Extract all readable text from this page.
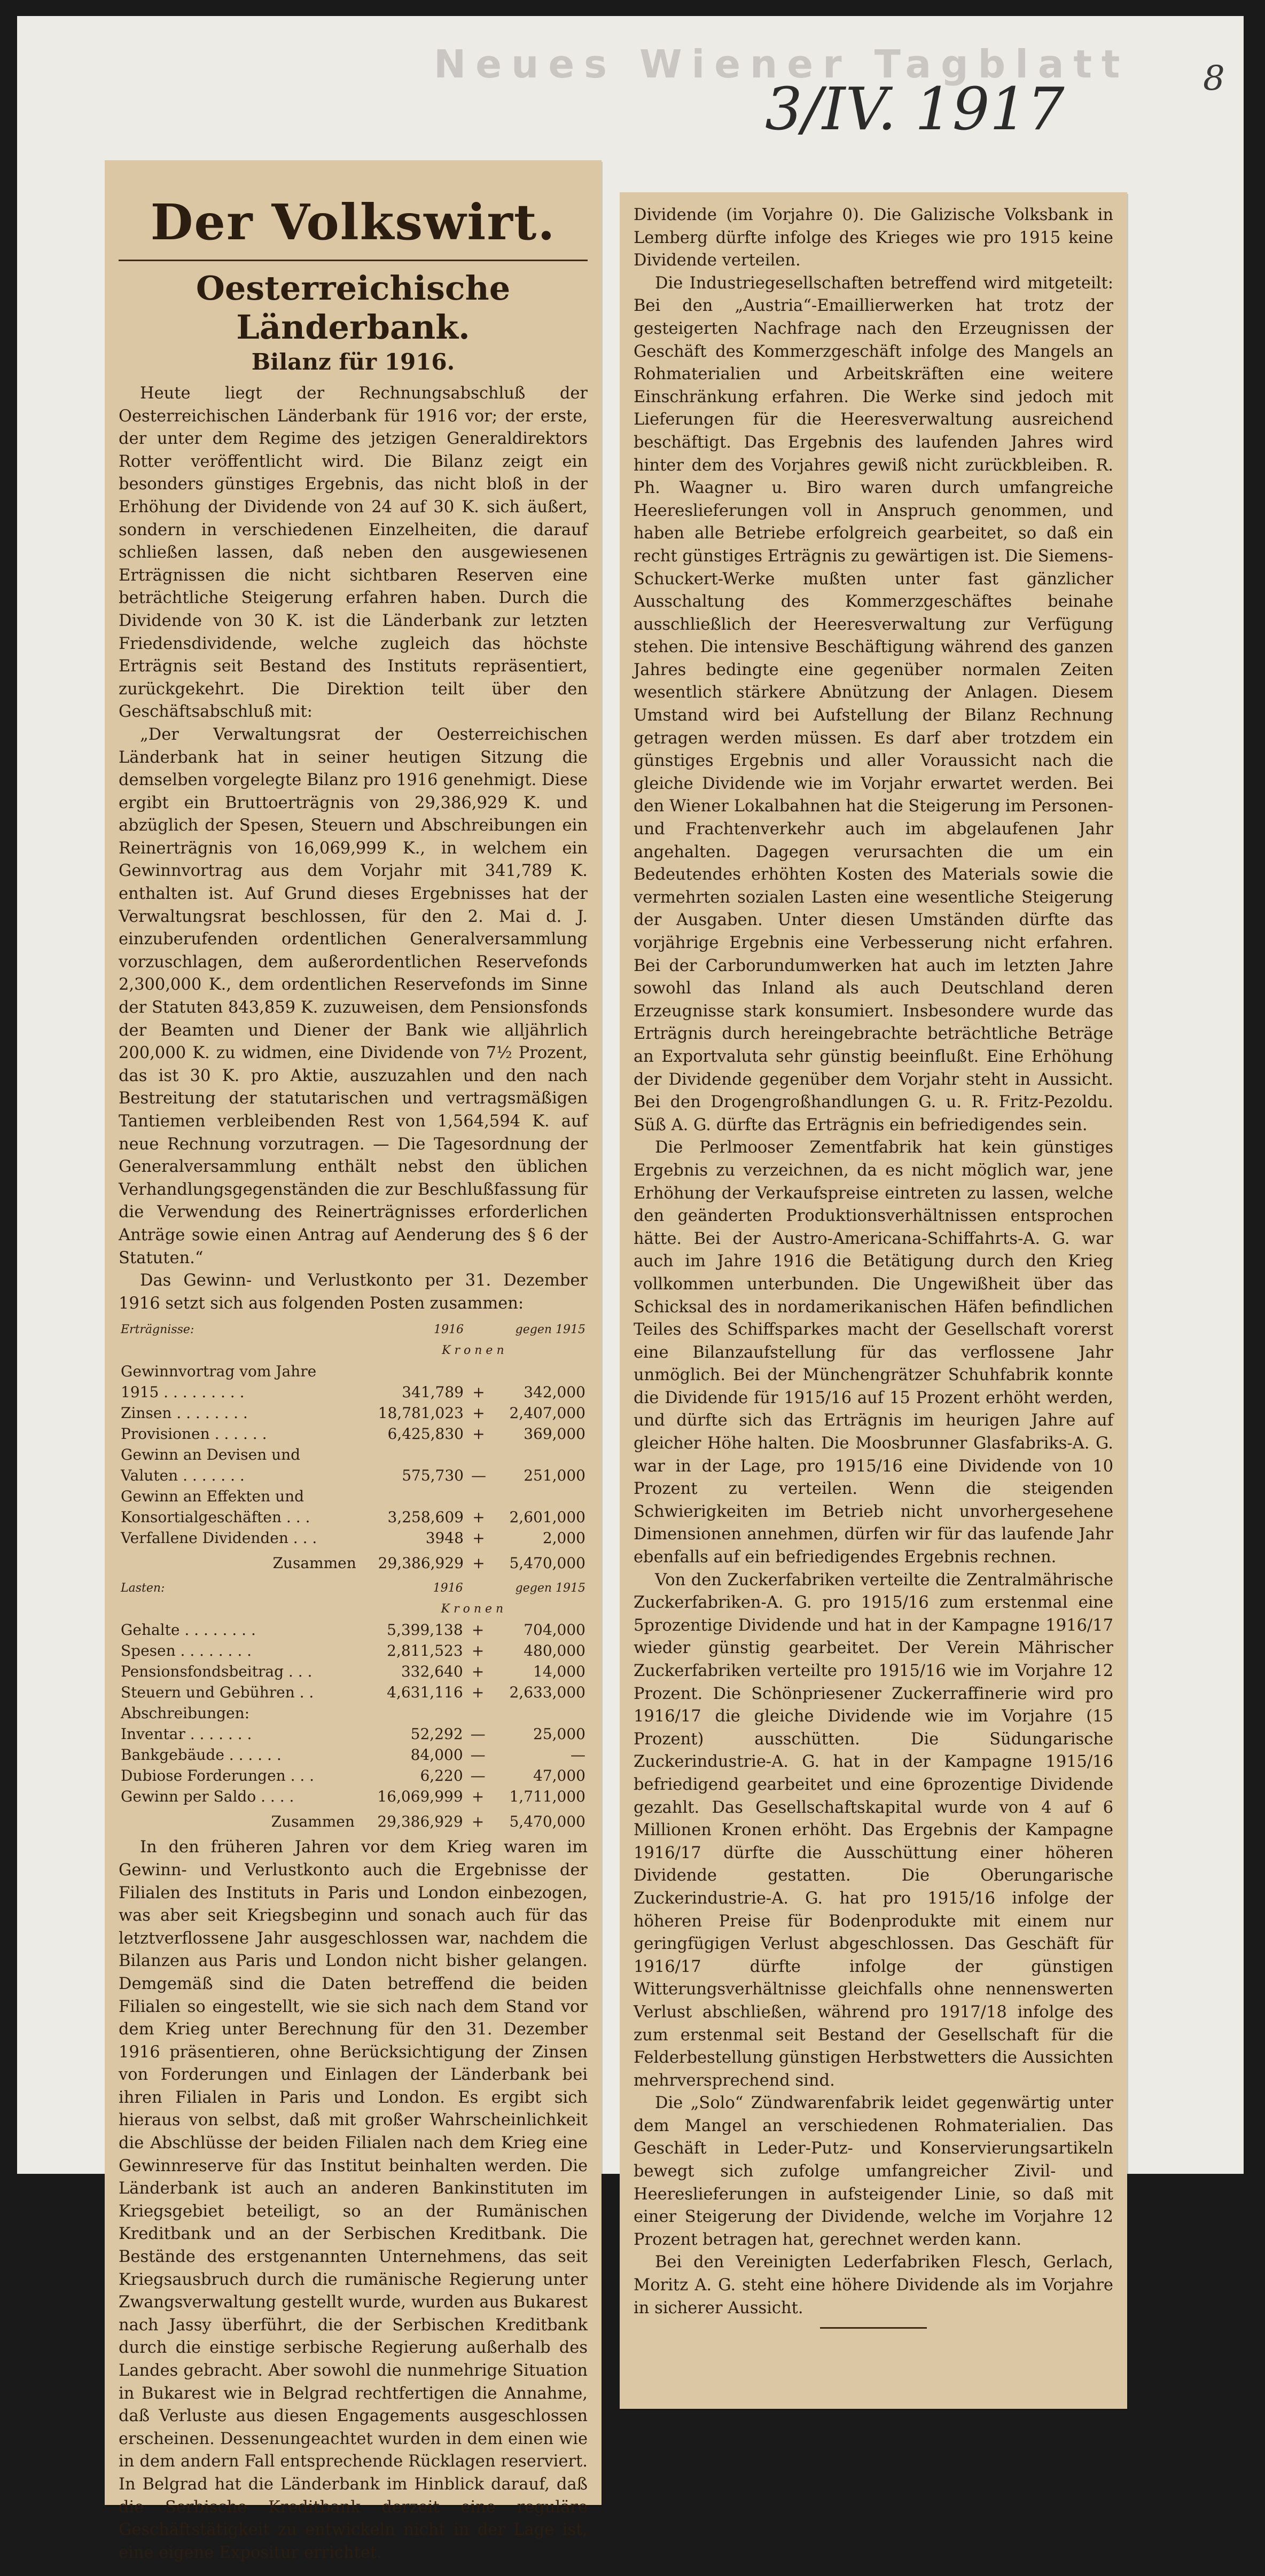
Neues Wiener Tagblatt
3/IV. 1917	8
Der Volkswirt.
Oesterreichische Länderbank.
Bilanz für 1916.

Heute liegt der Rechnungsabschluß der Oesterreichischen Länderbank für 1916 vor; der erste, der unter dem Regime des jetzigen Generaldirektors Rotter veröffentlicht wird. Die Bilanz zeigt ein besonders günstiges Ergebnis, das nicht bloß in der Erhöhung der Dividende von 24 auf 30 K. sich äußert, sondern in verschiedenen Einzelheiten, die darauf schließen lassen, daß neben den ausgewiesenen Erträgnissen die nicht sichtbaren Reserven eine beträchtliche Steigerung erfahren haben. Durch die Dividende von 30 K. ist die Länderbank zur letzten Friedensdividende, welche zugleich das höchste Erträgnis seit Bestand des Instituts repräsentiert, zurückgekehrt. Die Direktion teilt über den Geschäftsabschluß mit:

„Der Verwaltungsrat der Oesterreichischen Länderbank hat in seiner heutigen Sitzung die demselben vorgelegte Bilanz pro 1916 genehmigt. Diese ergibt ein Bruttoerträgnis von 29,386,929 K. und abzüglich der Spesen, Steuern und Abschreibungen ein Reinerträgnis von 16,069,999 K., in welchem ein Gewinnvortrag aus dem Vorjahr mit 341,789 K. enthalten ist. Auf Grund dieses Ergebnisses hat der Verwaltungsrat beschlossen, für den 2. Mai d. J. einzuberufenden ordentlichen Generalversammlung vorzuschlagen, dem außerordentlichen Reservefonds 2,300,000 K., dem ordentlichen Reservefonds im Sinne der Statuten 843,859 K. zuzuweisen, dem Pensionsfonds der Beamten und Diener der Bank wie alljährlich 200,000 K. zu widmen, eine Dividende von 7½ Prozent, das ist 30 K. pro Aktie, auszuzahlen und den nach Bestreitung der statutarischen und vertragsmäßigen Tantiemen verbleibenden Rest von 1,564,594 K. auf neue Rechnung vorzutragen. — Die Tagesordnung der Generalversammlung enthält nebst den üblichen Verhandlungsgegenständen die zur Beschlußfassung für die Verwendung des Reinerträgnisses erforderlichen Anträge sowie einen Antrag auf Aenderung des § 6 der Statuten.“

Das Gewinn- und Verlustkonto per 31. Dezember 1916 setzt sich aus folgenden Posten zusammen:

Erträgnisse:	1916		gegen 1915
	K r o n e n		
Gewinnvortrag vom Jahre			
1915 . . . . . . . . .	341,789	+	342,000
Zinsen . . . . . . . .	18,781,023	+	2,407,000
Provisionen . . . . . .	6,425,830	+	369,000
Gewinn an Devisen und			
Valuten . . . . . . .	575,730	—	251,000
Gewinn an Effekten und			
Konsortialgeschäften . . .	3,258,609	+	2,601,000
Verfallene Dividenden . . .	3948	+	2,000
Zusammen	29,386,929	+	5,470,000
Lasten:	1916		gegen 1915
	K r o n e n		
Gehalte . . . . . . . .	5,399,138	+	704,000
Spesen . . . . . . . .	2,811,523	+	480,000
Pensionsfondsbeitrag . . .	332,640	+	14,000
Steuern und Gebühren . .	4,631,116	+	2,633,000
Abschreibungen:			
Inventar . . . . . . .	52,292	—	25,000
Bankgebäude . . . . . .	84,000	—	—
Dubiose Forderungen . . .	6,220	—	47,000
Gewinn per Saldo . . . .	16,069,999	+	1,711,000
Zusammen	29,386,929	+	5,470,000

In den früheren Jahren vor dem Krieg waren im Gewinn- und Verlustkonto auch die Ergebnisse der Filialen des Instituts in Paris und London einbezogen, was aber seit Kriegsbeginn und sonach auch für das letztverflossene Jahr ausgeschlossen war, nachdem die Bilanzen aus Paris und London nicht bisher gelangen. Demgemäß sind die Daten betreffend die beiden Filialen so eingestellt, wie sie sich nach dem Stand vor dem Krieg unter Berechnung für den 31. Dezember 1916 präsentieren, ohne Berücksichtigung der Zinsen von Forderungen und Einlagen der Länderbank bei ihren Filialen in Paris und London. Es ergibt sich hieraus von selbst, daß mit großer Wahrscheinlichkeit die Abschlüsse der beiden Filialen nach dem Krieg eine Gewinnreserve für das Institut beinhalten werden. Die Länderbank ist auch an anderen Bankinstituten im Kriegsgebiet beteiligt, so an der Rumänischen Kreditbank und an der Serbischen Kreditbank. Die Bestände des erstgenannten Unternehmens, das seit Kriegsausbruch durch die rumänische Regierung unter Zwangsverwaltung gestellt wurde, wurden aus Bukarest nach Jassy überführt, die der Serbischen Kreditbank durch die einstige serbische Regierung außerhalb des Landes gebracht. Aber sowohl die nunmehrige Situation in Bukarest wie in Belgrad rechtfertigen die Annahme, daß Verluste aus diesen Engagements ausgeschlossen erscheinen. Dessenungeachtet wurden in dem einen wie in dem andern Fall entsprechende Rücklagen reserviert. In Belgrad hat die Länderbank im Hinblick darauf, daß die Serbische Kreditbank derzeit eine reguläre Geschäftstätigkeit zu entwickeln nicht in der Lage ist, eine eigene Expositur errichtet.

Dividende (im Vorjahre 0). Die Galizische Volksbank in Lemberg dürfte infolge des Krieges wie pro 1915 keine Dividende verteilen.

Die Industriegesellschaften betreffend wird mitgeteilt: Bei den „Austria“-Emaillierwerken hat trotz der gesteigerten Nachfrage nach den Erzeugnissen der Geschäft des Kommerzgeschäft infolge des Mangels an Rohmaterialien und Arbeitskräften eine weitere Einschränkung erfahren. Die Werke sind jedoch mit Lieferungen für die Heeresverwaltung ausreichend beschäftigt. Das Ergebnis des laufenden Jahres wird hinter dem des Vorjahres gewiß nicht zurückbleiben. R. Ph. Waagner u. Biro waren durch umfangreiche Heereslieferungen voll in Anspruch genommen, und haben alle Betriebe erfolgreich gearbeitet, so daß ein recht günstiges Erträgnis zu gewärtigen ist. Die Siemens-Schuckert-Werke mußten unter fast gänzlicher Ausschaltung des Kommerzgeschäftes beinahe ausschließlich der Heeresverwaltung zur Verfügung stehen. Die intensive Beschäftigung während des ganzen Jahres bedingte eine gegenüber normalen Zeiten wesentlich stärkere Abnützung der Anlagen. Diesem Umstand wird bei Aufstellung der Bilanz Rechnung getragen werden müssen. Es darf aber trotzdem ein günstiges Ergebnis und aller Voraussicht nach die gleiche Dividende wie im Vorjahr erwartet werden. Bei den Wiener Lokalbahnen hat die Steigerung im Personen- und Frachtenverkehr auch im abgelaufenen Jahr angehalten. Dagegen verursachten die um ein Bedeutendes erhöhten Kosten des Materials sowie die vermehrten sozialen Lasten eine wesentliche Steigerung der Ausgaben. Unter diesen Umständen dürfte das vorjährige Ergebnis eine Verbesserung nicht erfahren. Bei der Carborundumwerken hat auch im letzten Jahre sowohl das Inland als auch Deutschland deren Erzeugnisse stark konsumiert. Insbesondere wurde das Erträgnis durch hereingebrachte beträchtliche Beträge an Exportvaluta sehr günstig beeinflußt. Eine Erhöhung der Dividende gegenüber dem Vorjahr steht in Aussicht. Bei den Drogengroßhandlungen G. u. R. Fritz-Pezoldu. Süß A. G. dürfte das Erträgnis ein befriedigendes sein.

Die Perlmooser Zementfabrik hat kein günstiges Ergebnis zu verzeichnen, da es nicht möglich war, jene Erhöhung der Verkaufspreise eintreten zu lassen, welche den geänderten Produktionsverhältnissen entsprochen hätte. Bei der Austro-Americana-Schiffahrts-A. G. war auch im Jahre 1916 die Betätigung durch den Krieg vollkommen unterbunden. Die Ungewißheit über das Schicksal des in nordamerikanischen Häfen befindlichen Teiles des Schiffsparkes macht der Gesellschaft vorerst eine Bilanzaufstellung für das verflossene Jahr unmöglich. Bei der Münchengrätzer Schuhfabrik konnte die Dividende für 1915/16 auf 15 Prozent erhöht werden, und dürfte sich das Erträgnis im heurigen Jahre auf gleicher Höhe halten. Die Moosbrunner Glasfabriks-A. G. war in der Lage, pro 1915/16 eine Dividende von 10 Prozent zu verteilen. Wenn die steigenden Schwierigkeiten im Betrieb nicht unvorhergesehene Dimensionen annehmen, dürfen wir für das laufende Jahr ebenfalls auf ein befriedigendes Ergebnis rechnen.

Von den Zuckerfabriken verteilte die Zentralmährische Zuckerfabriken-A. G. pro 1915/16 zum erstenmal eine 5prozentige Dividende und hat in der Kampagne 1916/17 wieder günstig gearbeitet. Der Verein Mährischer Zuckerfabriken verteilte pro 1915/16 wie im Vorjahre 12 Prozent. Die Schönpriesener Zuckerraffinerie wird pro 1916/17 die gleiche Dividende wie im Vorjahre (15 Prozent) ausschütten. Die Südungarische Zuckerindustrie-A. G. hat in der Kampagne 1915/16 befriedigend gearbeitet und eine 6prozentige Dividende gezahlt. Das Gesellschaftskapital wurde von 4 auf 6 Millionen Kronen erhöht. Das Ergebnis der Kampagne 1916/17 dürfte die Ausschüttung einer höheren Dividende gestatten. Die Oberungarische Zuckerindustrie-A. G. hat pro 1915/16 infolge der höheren Preise für Bodenprodukte mit einem nur geringfügigen Verlust abgeschlossen. Das Geschäft für 1916/17 dürfte infolge der günstigen Witterungsverhältnisse gleichfalls ohne nennenswerten Verlust abschließen, während pro 1917/18 infolge des zum erstenmal seit Bestand der Gesellschaft für die Felderbestellung günstigen Herbstwetters die Aussichten mehrversprechend sind.

Die „Solo“ Zündwarenfabrik leidet gegenwärtig unter dem Mangel an verschiedenen Rohmaterialien. Das Geschäft in Leder-Putz- und Konservierungsartikeln bewegt sich zufolge umfangreicher Zivil- und Heereslieferungen in aufsteigender Linie, so daß mit einer Steigerung der Dividende, welche im Vorjahre 12 Prozent betragen hat, gerechnet werden kann.

Bei den Vereinigten Lederfabriken Flesch, Gerlach, Moritz A. G. steht eine höhere Dividende als im Vorjahre in sicherer Aussicht.
